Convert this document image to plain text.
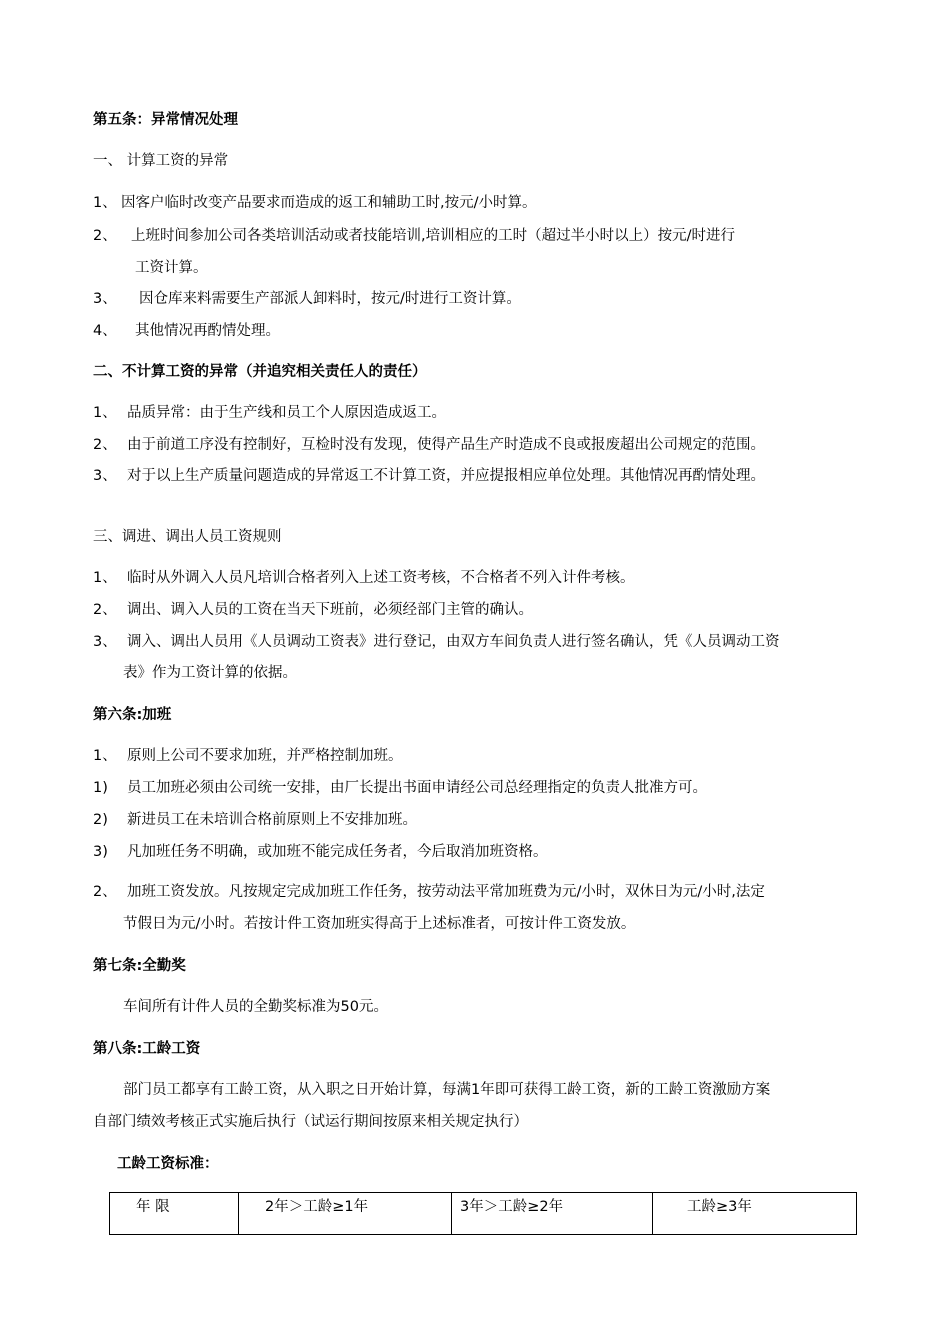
第五条：异常情况处理
一、 计算工资的异常
1、 因客户临时改变产品要求而造成的返工和辅助工时,按元/小时算。
2、 上班时间参加公司各类培训活动或者技能培训,培训相应的工时（超过半小时以上）按元/时进行
工资计算。
3、 因仓库来料需要生产部派人卸料时，按元/时进行工资计算。
4、 其他情况再酌情处理。
二、不计算工资的异常（并追究相关责任人的责任）
1、 品质异常：由于生产线和员工个人原因造成返工。
2、 由于前道工序没有控制好，互检时没有发现，使得产品生产时造成不良或报废超出公司规定的范围。
3、 对于以上生产质量问题造成的异常返工不计算工资，并应提报相应单位处理。其他情况再酌情处理。
三、调进、调出人员工资规则
1、 临时从外调入人员凡培训合格者列入上述工资考核，不合格者不列入计件考核。
2、 调出、调入人员的工资在当天下班前，必须经部门主管的确认。
3、 调入、调出人员用《人员调动工资表》进行登记，由双方车间负责人进行签名确认，凭《人员调动工资
表》作为工资计算的依据。
第六条:加班
1、 原则上公司不要求加班，并严格控制加班。
1) 员工加班必须由公司统一安排，由厂长提出书面申请经公司总经理指定的负责人批准方可。
2) 新进员工在未培训合格前原则上不安排加班。
3) 凡加班任务不明确，或加班不能完成任务者，今后取消加班资格。
2、 加班工资发放。凡按规定完成加班工作任务，按劳动法平常加班费为元/小时，双休日为元/小时,法定
节假日为元/小时。若按计件工资加班实得高于上述标准者，可按计件工资发放。
第七条:全勤奖
车间所有计件人员的全勤奖标准为50元。
第八条:工龄工资
部门员工都享有工龄工资，从入职之日开始计算，每满1年即可获得工龄工资，新的工龄工资激励方案
自部门绩效考核正式实施后执行（试运行期间按原来相关规定执行）
工龄工资标准：
年 限	2年＞工龄≥1年	3年＞工龄≥2年	工龄≥3年
